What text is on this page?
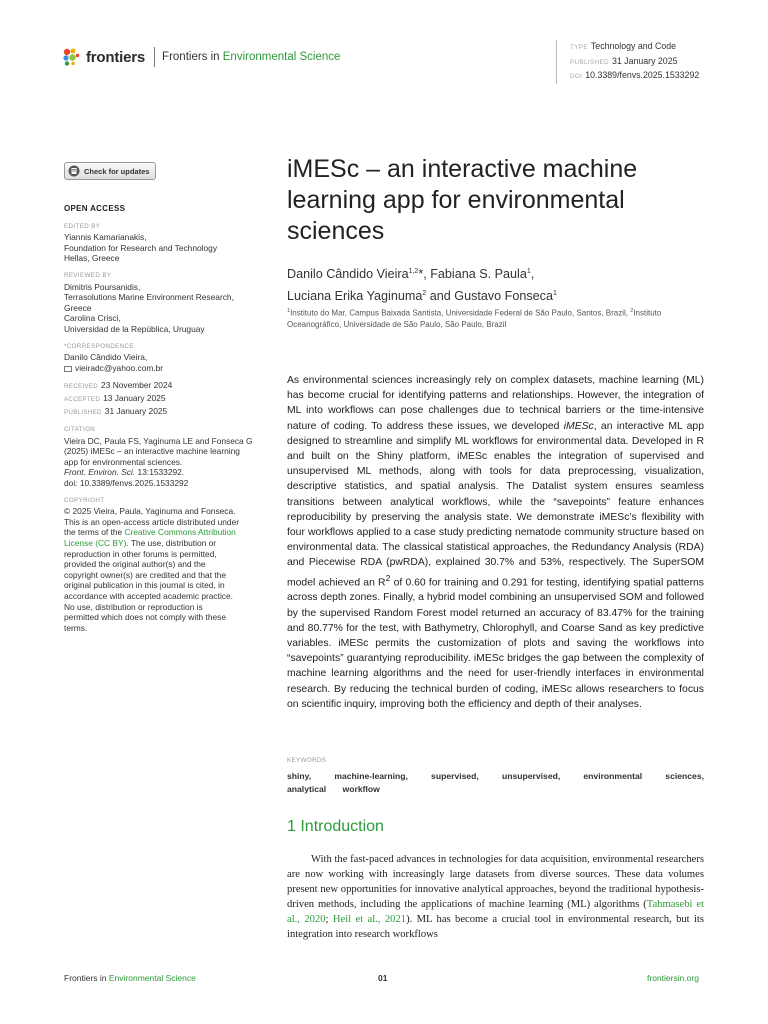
frontiers Frontiers in Environmental Science
TYPE Technology and Code
PUBLISHED 31 January 2025
DOI 10.3389/fenvs.2025.1533292
Check for updates
OPEN ACCESS
EDITED BY
Yiannis Kamarianakis,
Foundation for Research and Technology
Hellas, Greece
REVIEWED BY
Dimitris Poursanidis,
Terrasolutions Marine Environment Research,
Greece
Carolina Crisci,
Universidad de la República, Uruguay
*CORRESPONDENCE
Danilo Cândido Vieira,
vieiradc@yahoo.com.br
RECEIVED 23 November 2024
ACCEPTED 13 January 2025
PUBLISHED 31 January 2025
CITATION
Vieira DC, Paula FS, Yaginuma LE and Fonseca G
(2025) iMESc – an interactive machine learning
app for environmental sciences.
Front. Environ. Sci. 13:1533292.
doi: 10.3389/fenvs.2025.1533292
COPYRIGHT
© 2025 Vieira, Paula, Yaginuma and Fonseca.
This is an open-access article distributed under
the terms of the Creative Commons Attribution
License (CC BY). The use, distribution or
reproduction in other forums is permitted,
provided the original author(s) and the
copyright owner(s) are credited and that the
original publication in this journal is cited, in
accordance with accepted academic practice.
No use, distribution or reproduction is
permitted which does not comply with these
terms.
iMESc – an interactive machine learning app for environmental sciences
Danilo Cândido Vieira$^{1,2}$*, Fabiana S. Paula$^1$,
Luciana Erika Yaginuma$^2$ and Gustavo Fonseca$^1$
$^1$Instituto do Mar, Campus Baixada Santista, Universidade Federal de São Paulo, Santos, Brazil, $^2$Instituto Oceanográfico, Universidade de São Paulo, São Paulo, Brazil
As environmental sciences increasingly rely on complex datasets, machine learning (ML) has become crucial for identifying patterns and relationships. However, the integration of ML into workflows can pose challenges due to technical barriers or the time-intensive nature of coding. To address these issues, we developed iMESc, an interactive ML app designed to streamline and simplify ML workflows for environmental data. Developed in R and built on the Shiny platform, iMESc enables the integration of supervised and unsupervised ML methods, along with tools for data preprocessing, visualization, descriptive statistics, and spatial analysis. The Datalist system ensures seamless transitions between analytical workflows, while the “savepoints” feature enhances reproducibility by preserving the analysis state. We demonstrate iMESc’s flexibility with four workflows applied to a case study predicting nematode community structure based on environmental data. The classical statistical approaches, the Redundancy Analysis (RDA) and Piecewise RDA (pwRDA), explained 30.7% and 53%, respectively. The SuperSOM model achieved an $R^2$ of 0.60 for training and 0.291 for testing, identifying spatial patterns across depth zones. Finally, a hybrid model combining an unsupervised SOM and followed by the supervised Random Forest model returned an accuracy of 83.47% for the training and 80.77% for the test, with Bathymetry, Chlorophyll, and Coarse Sand as key predictive variables. iMESc permits the customization of plots and saving the workflows into “savepoints” guarantying reproducibility. iMESc bridges the gap between the complexity of machine learning algorithms and the need for user-friendly interfaces in environmental research. By reducing the technical burden of coding, iMESc allows researchers to focus on scientific inquiry, improving both the efficiency and depth of their analyses.
KEYWORDS
shiny, machine-learning, supervised, unsupervised, environmental sciences, analytical workflow
1 Introduction
With the fast-paced advances in technologies for data acquisition, environmental researchers are now working with increasingly large datasets from diverse sources. These data volumes present new opportunities for innovative analytical approaches, beyond the traditional hypothesis-driven methods, including the applications of machine learning (ML) algorithms (Tahmasebi et al., 2020; Heil et al., 2021). ML has become a crucial tool in environmental research, but its integration into research workflows
Frontiers in Environmental Science	01	frontiersin.org
